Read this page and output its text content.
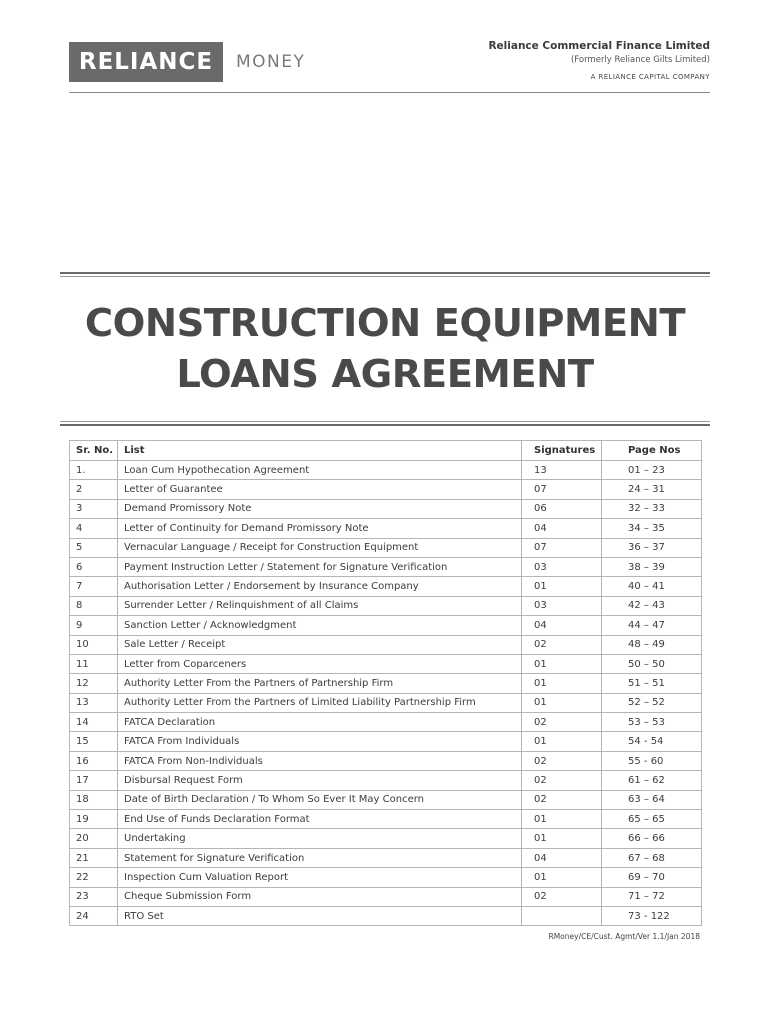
RELIANCE MONEY
Reliance Commercial Finance Limited
(Formerly Reliance Gilts Limited)
A RELIANCE CAPITAL COMPANY
CONSTRUCTION EQUIPMENT
LOANS AGREEMENT
Sr. No.	List	Signatures	Page Nos
1.	Loan Cum Hypothecation Agreement	13	01 – 23
2	Letter of Guarantee	07	24 – 31
3	Demand Promissory Note	06	32 – 33
4	Letter of Continuity for Demand Promissory Note	04	34 – 35
5	Vernacular Language / Receipt for Construction Equipment	07	36 – 37
6	Payment Instruction Letter / Statement for Signature Verification	03	38 – 39
7	Authorisation Letter / Endorsement by Insurance Company	01	40 – 41
8	Surrender Letter / Relinquishment of all Claims	03	42 – 43
9	Sanction Letter / Acknowledgment	04	44 – 47
10	Sale Letter / Receipt	02	48 – 49
11	Letter from Coparceners	01	50 – 50
12	Authority Letter From the Partners of Partnership Firm	01	51 – 51
13	Authority Letter From the Partners of Limited Liability Partnership Firm	01	52 – 52
14	FATCA Declaration	02	53 – 53
15	FATCA From Individuals	01	54 - 54
16	FATCA From Non-Individuals	02	55 - 60
17	Disbursal Request Form	02	61 – 62
18	Date of Birth Declaration / To Whom So Ever It May Concern	02	63 – 64
19	End Use of Funds Declaration Format	01	65 – 65
20	Undertaking	01	66 – 66
21	Statement for Signature Verification	04	67 – 68
22	Inspection Cum Valuation Report	01	69 – 70
23	Cheque Submission Form	02	71 – 72
24	RTO Set		73 - 122
RMoney/CE/Cust. Agmt/Ver 1.1/Jan 2018
